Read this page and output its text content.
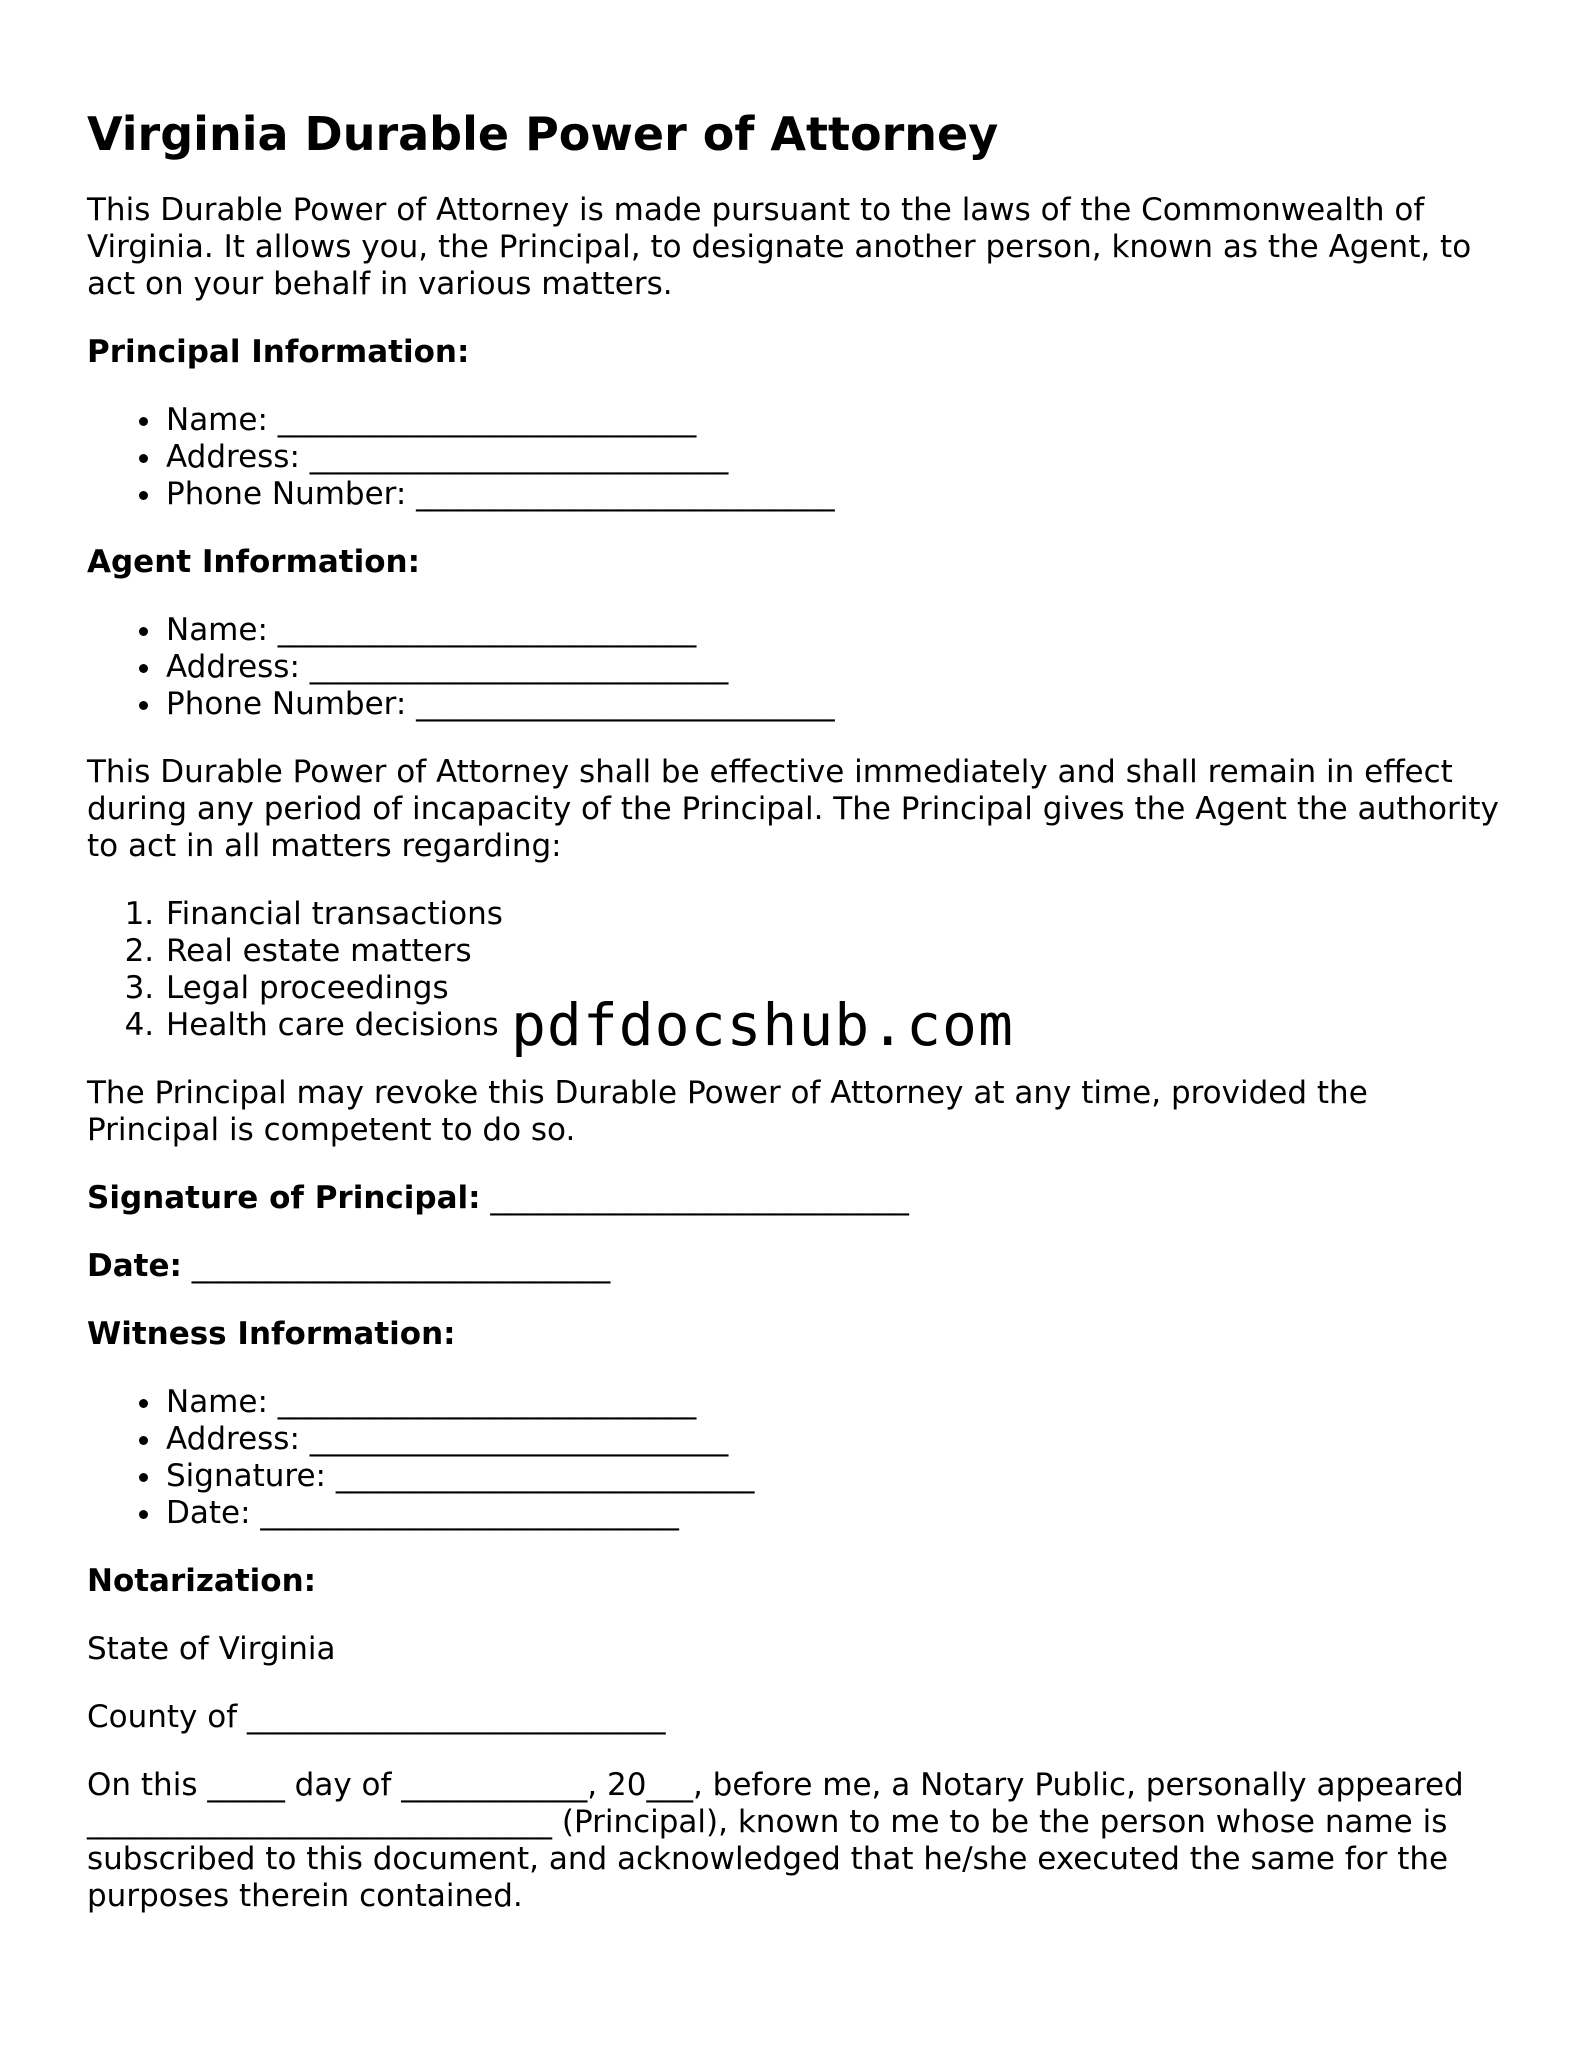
Virginia Durable Power of Attorney

This Durable Power of Attorney is made pursuant to the laws of the Commonwealth of Virginia. It allows you, the Principal, to designate another person, known as the Agent, to act on your behalf in various matters.

Principal Information:

• Name: ___________________________
• Address: ___________________________
• Phone Number: ___________________________

Agent Information:

• Name: ___________________________
• Address: ___________________________
• Phone Number: ___________________________

This Durable Power of Attorney shall be effective immediately and shall remain in effect during any period of incapacity of the Principal. The Principal gives the Agent the authority to act in all matters regarding:

1. Financial transactions
2. Real estate matters
3. Legal proceedings
4. Health care decisions

The Principal may revoke this Durable Power of Attorney at any time, provided the Principal is competent to do so.

Signature of Principal: ___________________________

Date: ___________________________

Witness Information:

• Name: ___________________________
• Address: ___________________________
• Signature: ___________________________
• Date: ___________________________

Notarization:

State of Virginia

County of ___________________________

On this _____ day of ____________, 20___, before me, a Notary Public, personally appeared ______________________________ (Principal), known to me to be the person whose name is subscribed to this document, and acknowledged that he/she executed the same for the purposes therein contained.

pdfdocshub.com
